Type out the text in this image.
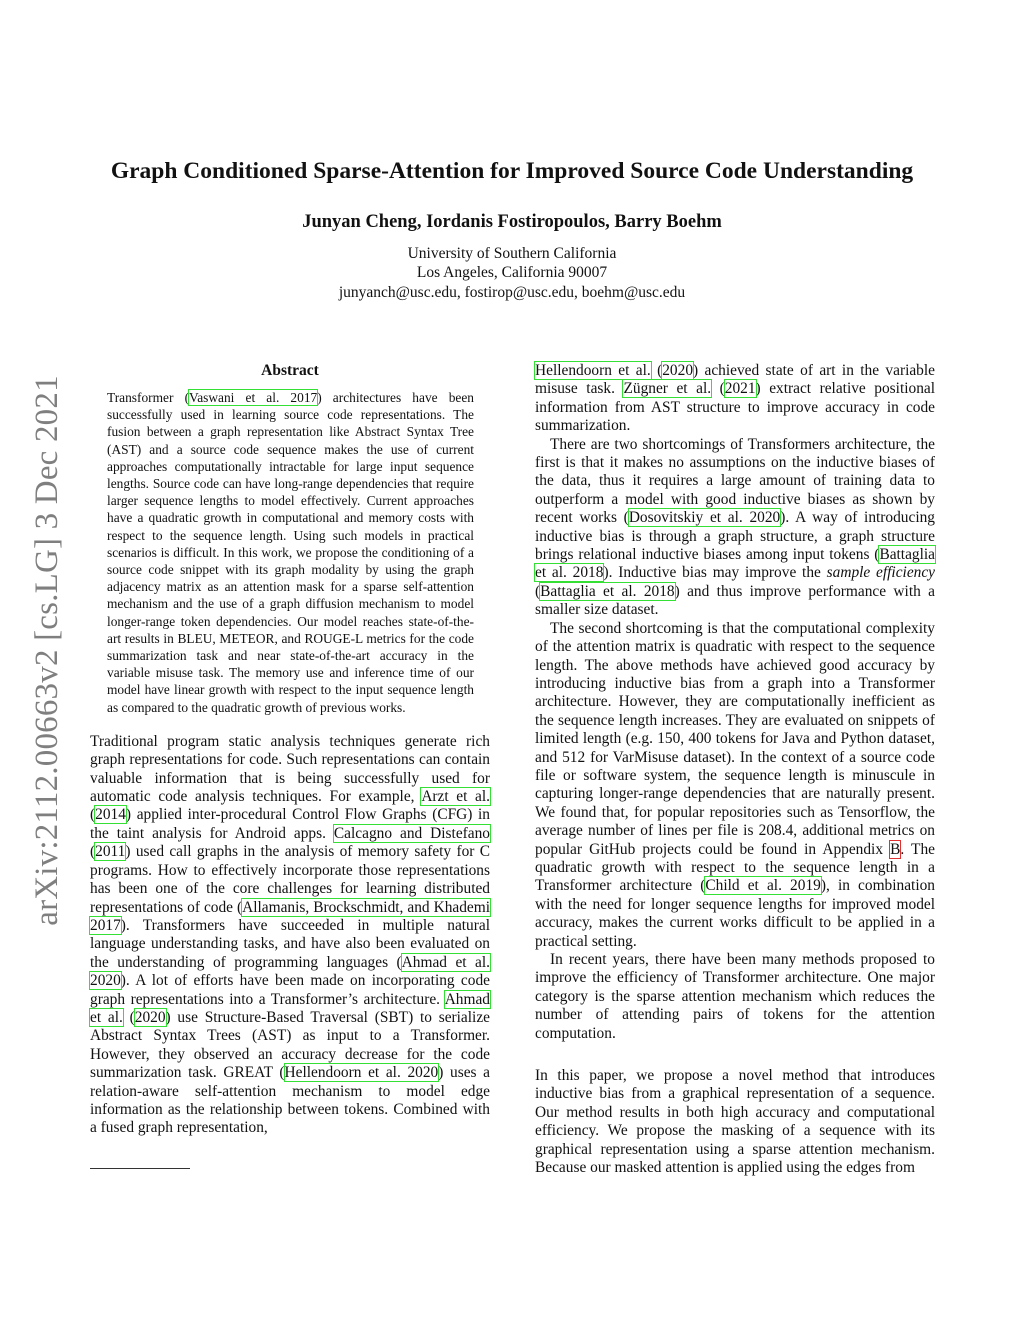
arXiv:2112.00663v2 [cs.LG] 3 Dec 2021
Graph Conditioned Sparse-Attention for Improved Source Code Understanding
Junyan Cheng, Iordanis Fostiropoulos, Barry Boehm
University of Southern California
Los Angeles, California 90007
junyanch@usc.edu, fostirop@usc.edu, boehm@usc.edu
Abstract

Transformer (Vaswani et al. 2017) architectures have been successfully used in learning source code representations. The fusion between a graph representation like Abstract Syntax Tree (AST) and a source code sequence makes the use of current approaches computationally intractable for large input sequence lengths. Source code can have long-range dependencies that require larger sequence lengths to model effectively. Current approaches have a quadratic growth in computational and memory costs with respect to the sequence length. Using such models in practical scenarios is difficult. In this work, we propose the conditioning of a source code snippet with its graph modality by using the graph adjacency matrix as an attention mask for a sparse self-attention mechanism and the use of a graph diffusion mechanism to model longer-range token dependencies. Our model reaches state-of-the-art results in BLEU, METEOR, and ROUGE-L metrics for the code summarization task and near state-of-the-art accuracy in the variable misuse task. The memory use and inference time of our model have linear growth with respect to the input sequence length as compared to the quadratic growth of previous works.

Traditional program static analysis techniques generate rich graph representations for code. Such representations can contain valuable information that is being successfully used for automatic code analysis techniques. For example, Arzt et al. (2014) applied inter-procedural Control Flow Graphs (CFG) in the taint analysis for Android apps. Calcagno and Distefano (2011) used call graphs in the analysis of memory safety for C programs. How to effectively incorporate those representations has been one of the core challenges for learning distributed representations of code (Allamanis, Brockschmidt, and Khademi 2017). Transformers have succeeded in multiple natural language understanding tasks, and have also been evaluated on the understanding of programming languages (Ahmad et al. 2020). A lot of efforts have been made on incorporating code graph representations into a Transformer’s architecture. Ahmad et al. (2020) use Structure-Based Traversal (SBT) to serialize Abstract Syntax Trees (AST) as input to a Transformer. However, they observed an accuracy decrease for the code summarization task. GREAT (Hellendoorn et al. 2020) uses a relation-aware self-attention mechanism to model edge information as the relationship between tokens. Combined with a fused graph representation,

Hellendoorn et al. (2020) achieved state of art in the variable misuse task. Zügner et al. (2021) extract relative positional information from AST structure to improve accuracy in code summarization.

There are two shortcomings of Transformers architecture, the first is that it makes no assumptions on the inductive biases of the data, thus it requires a large amount of training data to outperform a model with good inductive biases as shown by recent works (Dosovitskiy et al. 2020). A way of introducing inductive bias is through a graph structure, a graph structure brings relational inductive biases among input tokens (Battaglia et al. 2018). Inductive bias may improve the sample efficiency (Battaglia et al. 2018) and thus improve performance with a smaller size dataset.

The second shortcoming is that the computational complexity of the attention matrix is quadratic with respect to the sequence length. The above methods have achieved good accuracy by introducing inductive bias from a graph into a Transformer architecture. However, they are computationally inefficient as the sequence length increases. They are evaluated on snippets of limited length (e.g. 150, 400 tokens for Java and Python dataset, and 512 for VarMisuse dataset). In the context of a source code file or software system, the sequence length is minuscule in capturing longer-range dependencies that are naturally present. We found that, for popular repositories such as Tensorflow, the average number of lines per file is 208.4, additional metrics on popular GitHub projects could be found in Appendix B. The quadratic growth with respect to the sequence length in a Transformer architecture (Child et al. 2019), in combination with the need for longer sequence lengths for improved model accuracy, makes the current works difficult to be applied in a practical setting.

In recent years, there have been many methods proposed to improve the efficiency of Transformer architecture. One major category is the sparse attention mechanism which reduces the number of attending pairs of tokens for the attention computation.

In this paper, we propose a novel method that introduces inductive bias from a graphical representation of a sequence. Our method results in both high accuracy and computational efficiency. We propose the masking of a sequence with its graphical representation using a sparse attention mechanism. Because our masked attention is applied using the edges from
